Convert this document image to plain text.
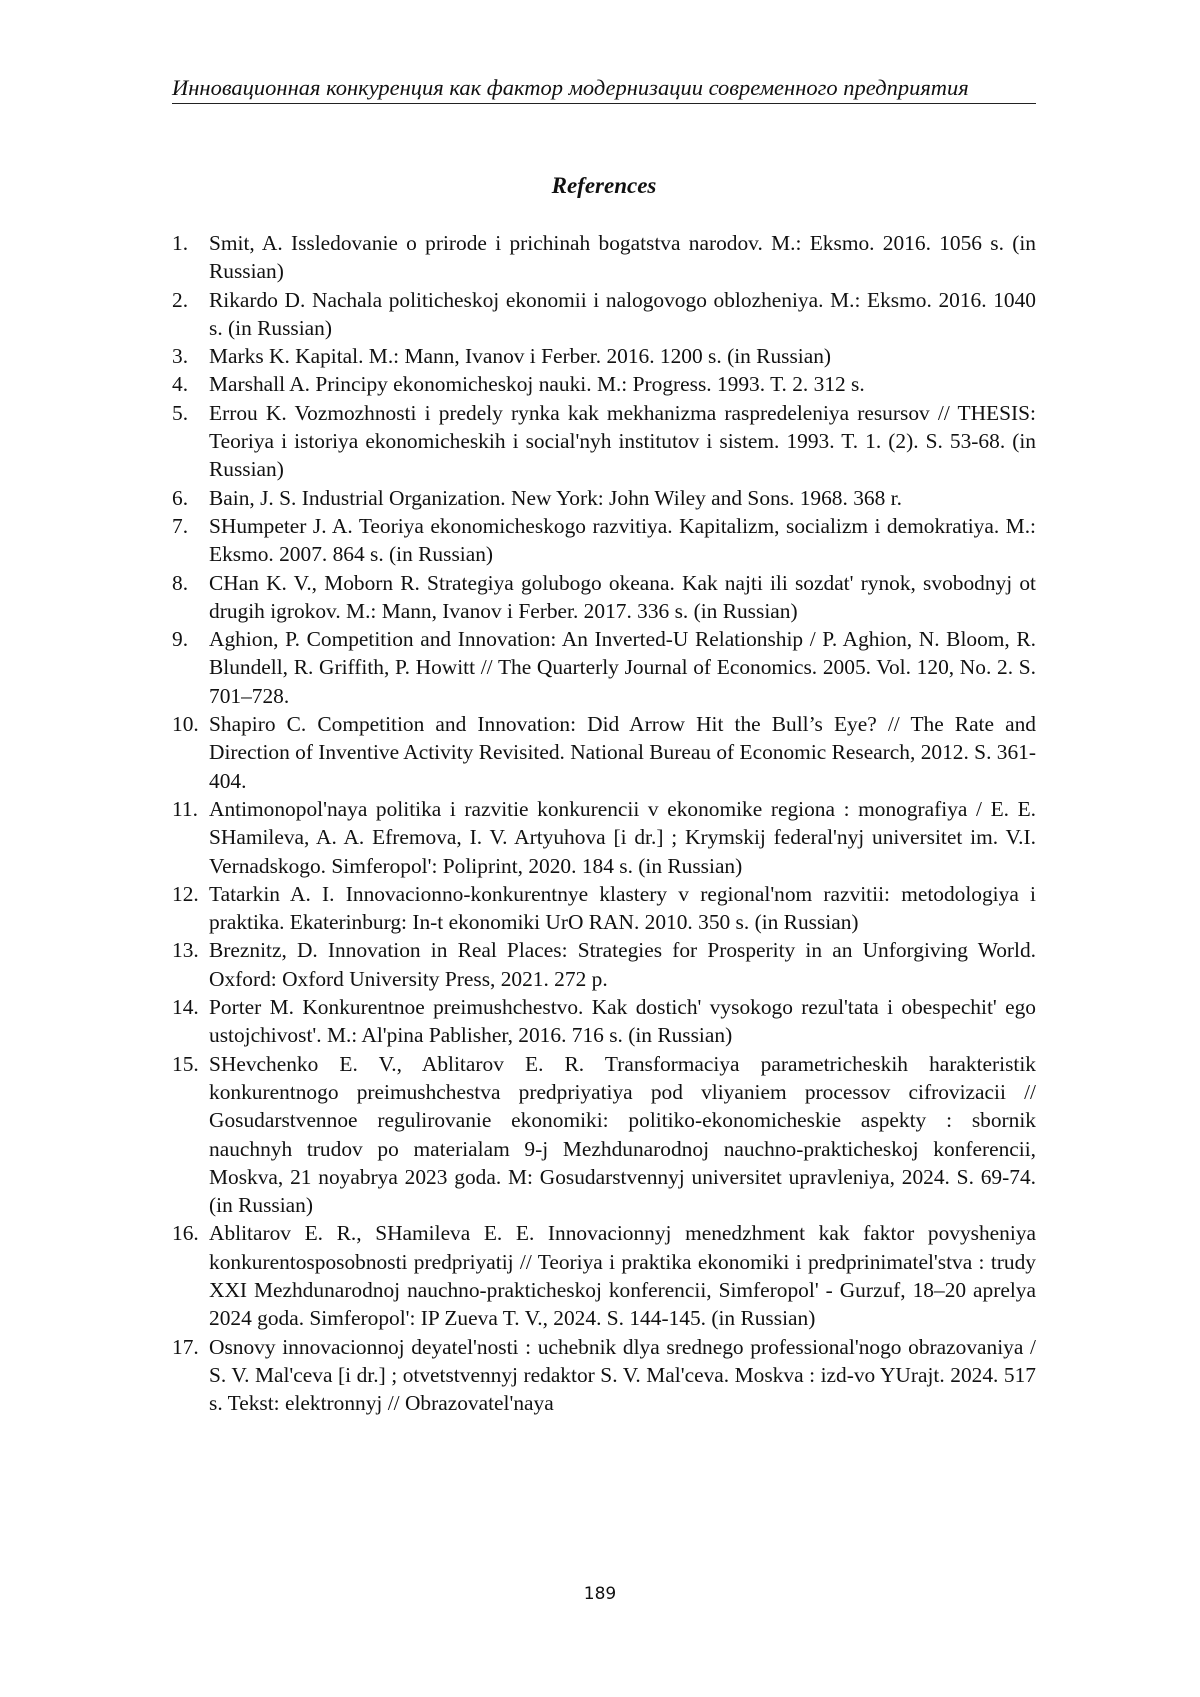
Инновационная конкуренция как фактор модернизации современного предприятия
References
1. Smit, A. Issledovanie o prirode i prichinah bogatstva narodov. M.: Eksmo. 2016. 1056 s. (in Russian)
2. Rikardo D. Nachala politicheskoj ekonomii i nalogovogo oblozheniya. M.: Eksmo. 2016. 1040 s. (in Russian)
3. Marks K. Kapital. M.: Mann, Ivanov i Ferber. 2016. 1200 s. (in Russian)
4. Marshall A. Principy ekonomicheskoj nauki. M.: Progress. 1993. T. 2. 312 s.
5. Errou K. Vozmozhnosti i predely rynka kak mekhanizma raspredeleniya resursov // THESIS: Teoriya i istoriya ekonomicheskih i social'nyh institutov i sistem. 1993. T. 1. (2). S. 53-68. (in Russian)
6. Bain, J. S. Industrial Organization. New York: John Wiley and Sons. 1968. 368 r.
7. SHumpeter J. A. Teoriya ekonomicheskogo razvitiya. Kapitalizm, socializm i demokratiya. M.: Eksmo. 2007. 864 s. (in Russian)
8. CHan K. V., Moborn R. Strategiya golubogo okeana. Kak najti ili sozdat' rynok, svobodnyj ot drugih igrokov. M.: Mann, Ivanov i Ferber. 2017. 336 s. (in Russian)
9. Aghion, P. Competition and Innovation: An Inverted-U Relationship / P. Aghion, N. Bloom, R. Blundell, R. Griffith, P. Howitt // The Quarterly Journal of Economics. 2005. Vol. 120, No. 2. S. 701–728.
10. Shapiro C. Competition and Innovation: Did Arrow Hit the Bull’s Eye? // The Rate and Direction of Inventive Activity Revisited. National Bureau of Economic Research, 2012. S. 361-404.
11. Antimonopol'naya politika i razvitie konkurencii v ekonomike regiona : monografiya / E. E. SHamileva, A. A. Efremova, I. V. Artyuhova [i dr.] ; Krymskij federal'nyj universitet im. V.I. Vernadskogo. Simferopol': Poliprint, 2020. 184 s. (in Russian)
12. Tatarkin A. I. Innovacionno-konkurentnye klastery v regional'nom razvitii: metodologiya i praktika. Ekaterinburg: In-t ekonomiki UrO RAN. 2010. 350 s. (in Russian)
13. Breznitz, D. Innovation in Real Places: Strategies for Prosperity in an Unforgiving World. Oxford: Oxford University Press, 2021. 272 p.
14. Porter M. Konkurentnoe preimushchestvo. Kak dostich' vysokogo rezul'tata i obespechit' ego ustojchivost'. M.: Al'pina Pablisher, 2016. 716 s. (in Russian)
15. SHevchenko E. V., Ablitarov E. R. Transformaciya parametricheskih harakteristik konkurentnogo preimushchestva predpriyatiya pod vliyaniem processov cifrovizacii // Gosudarstvennoe regulirovanie ekonomiki: politiko-ekonomicheskie aspekty : sbornik nauchnyh trudov po materialam 9-j Mezhdunarodnoj nauchno-prakticheskoj konferencii, Moskva, 21 noyabrya 2023 goda. M: Gosudarstvennyj universitet upravleniya, 2024. S. 69-74. (in Russian)
16. Ablitarov E. R., SHamileva E. E. Innovacionnyj menedzhment kak faktor povysheniya konkurentosposobnosti predpriyatij // Teoriya i praktika ekonomiki i predprinimatel'stva : trudy XXI Mezhdunarodnoj nauchno-prakticheskoj konferencii, Simferopol' - Gurzuf, 18–20 aprelya 2024 goda. Simferopol': IP Zueva T. V., 2024. S. 144-145. (in Russian)
17. Osnovy innovacionnoj deyatel'nosti : uchebnik dlya srednego professional'nogo obrazovaniya / S. V. Mal'ceva [i dr.] ; otvetstvennyj redaktor S. V. Mal'ceva. Moskva : izd-vo YUrajt. 2024. 517 s. Tekst: elektronnyj // Obrazovatel'naya
189
